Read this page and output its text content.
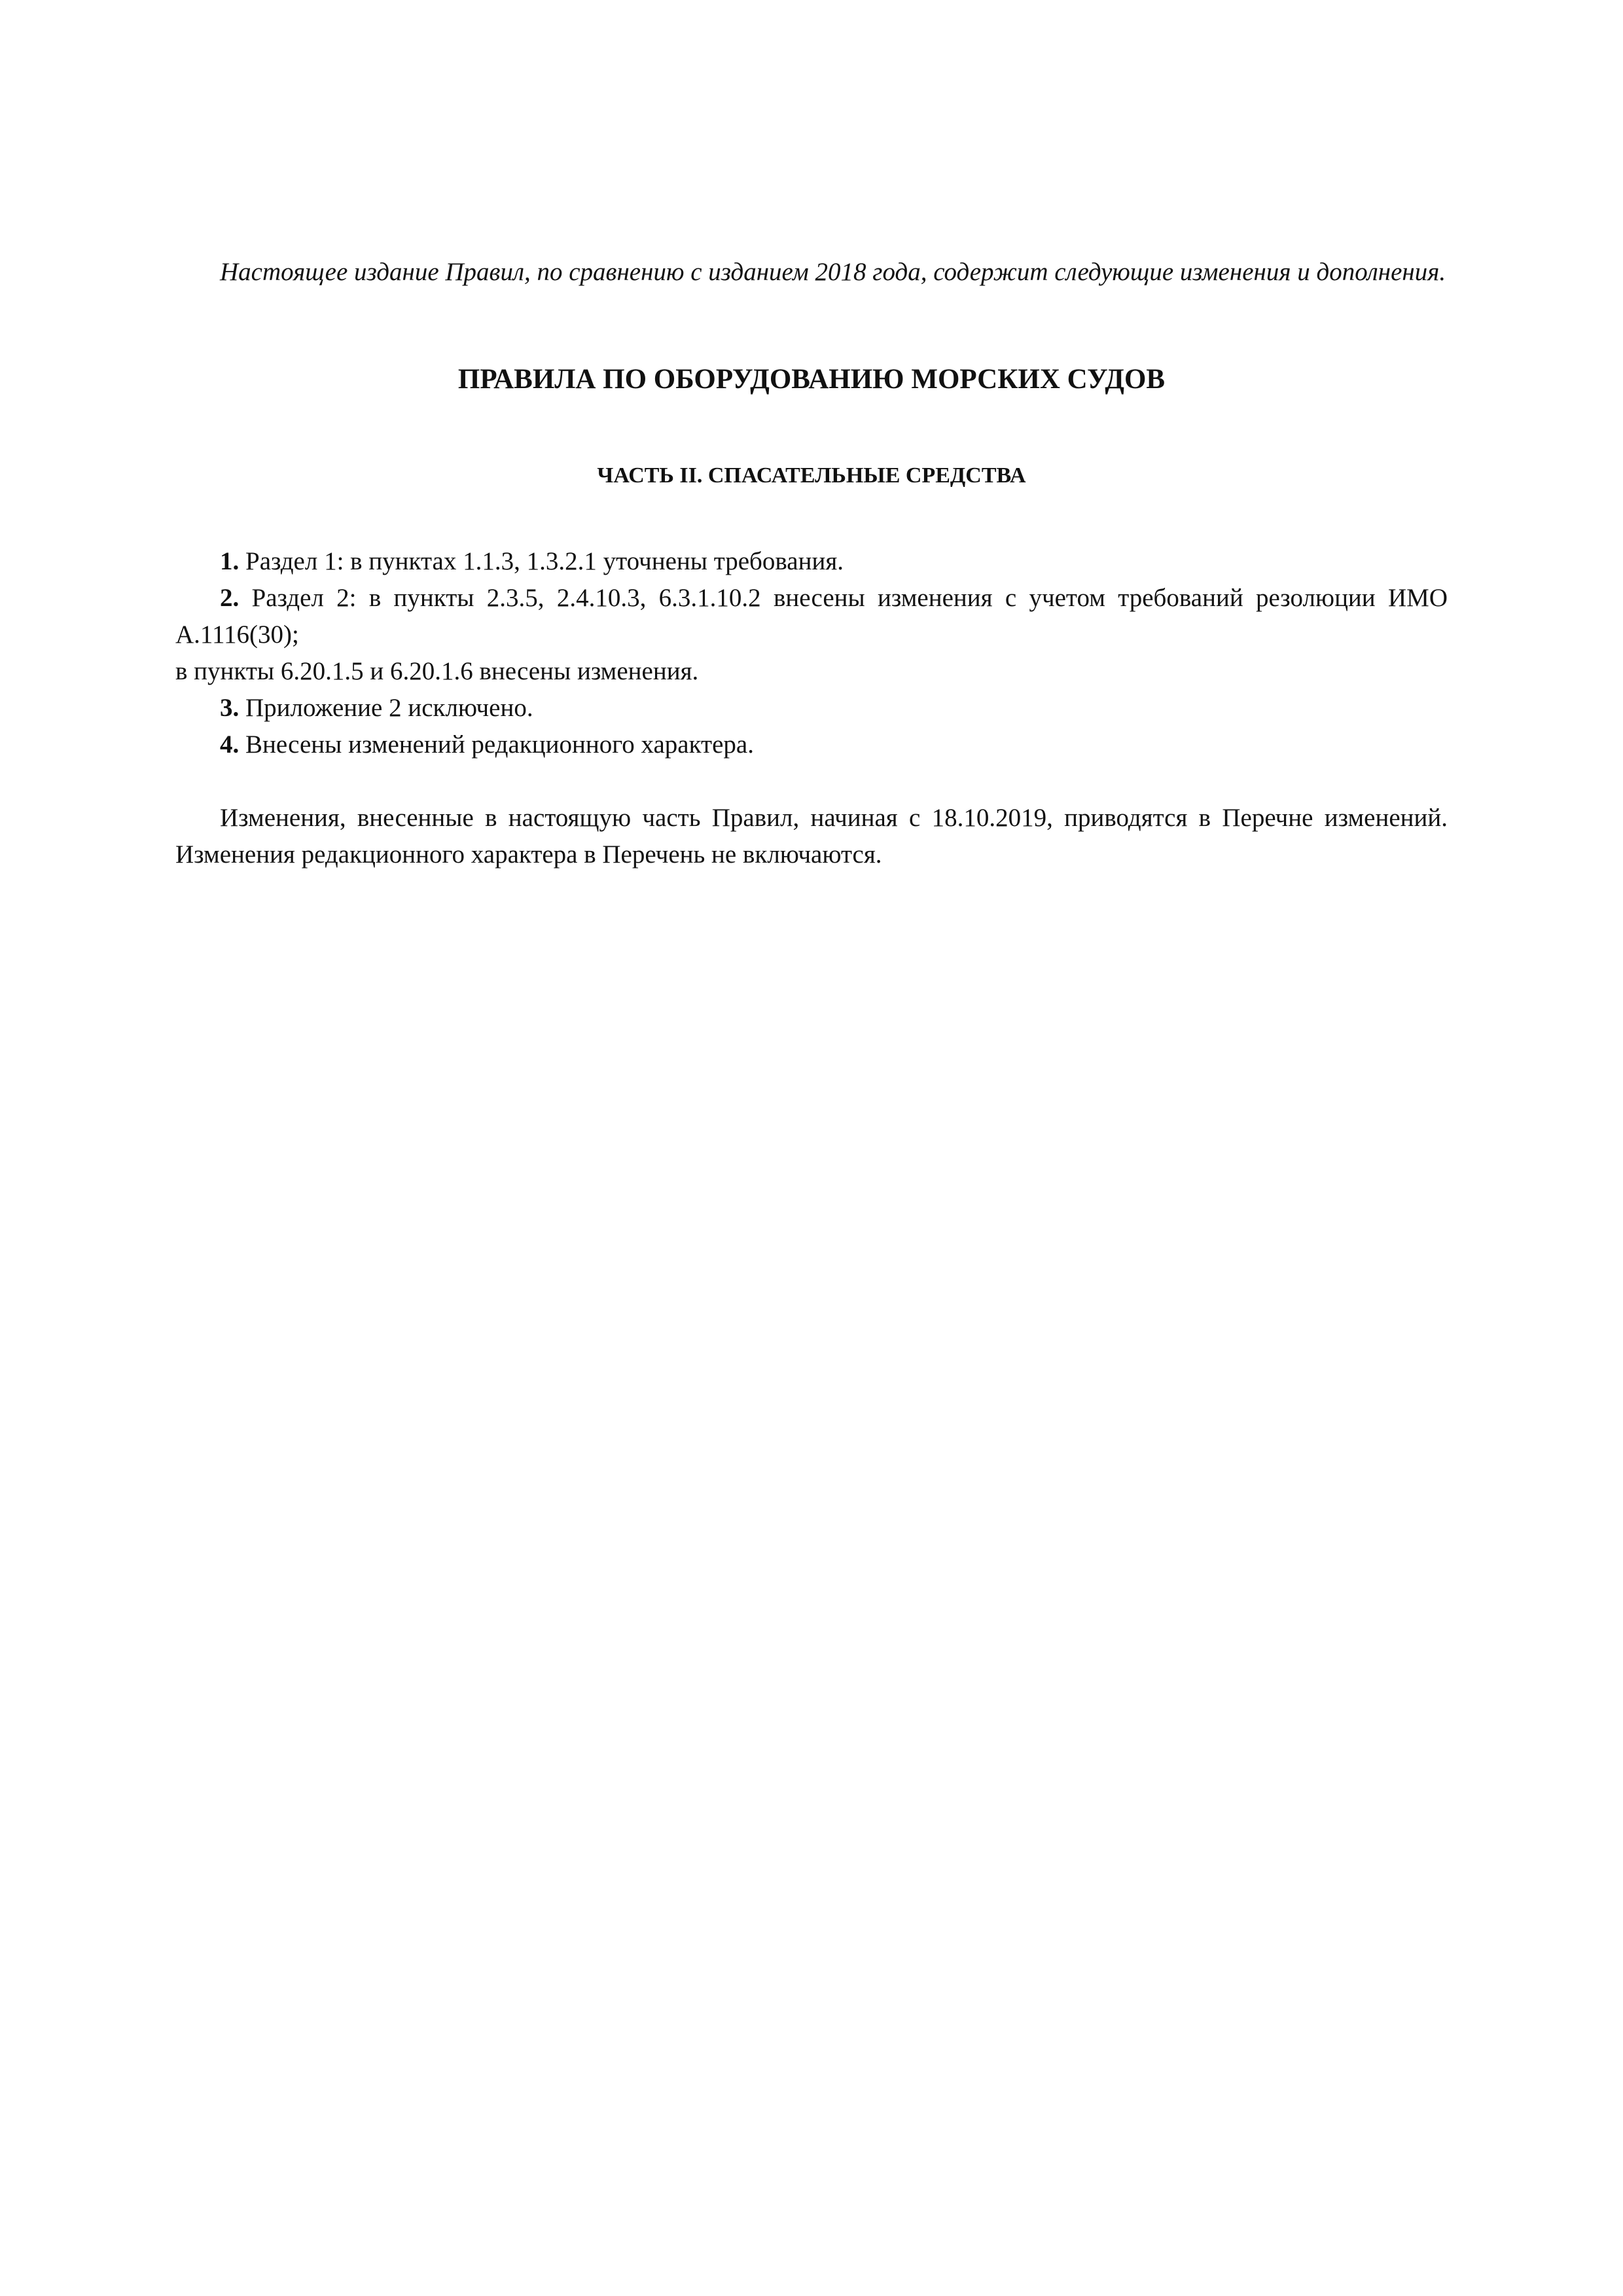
Настоящее издание Правил, по сравнению с изданием 2018 года, содержит следующие изменения и дополнения.

ПРАВИЛА ПО ОБОРУДОВАНИЮ МОРСКИХ СУДОВ
ЧАСТЬ II. СПАСАТЕЛЬНЫЕ СРЕДСТВА

1. Раздел 1: в пунктах 1.1.3, 1.3.2.1 уточнены требования.

2. Раздел 2: в пункты 2.3.5, 2.4.10.3, 6.3.1.10.2 внесены изменения с учетом требований резолюции ИМО А.1116(30);

в пункты 6.20.1.5 и 6.20.1.6 внесены изменения.

3. Приложение 2 исключено.

4. Внесены изменений редакционного характера.

Изменения, внесенные в настоящую часть Правил, начиная с 18.10.2019, приводятся в Перечне изменений. Изменения редакционного характера в Перечень не включаются.
